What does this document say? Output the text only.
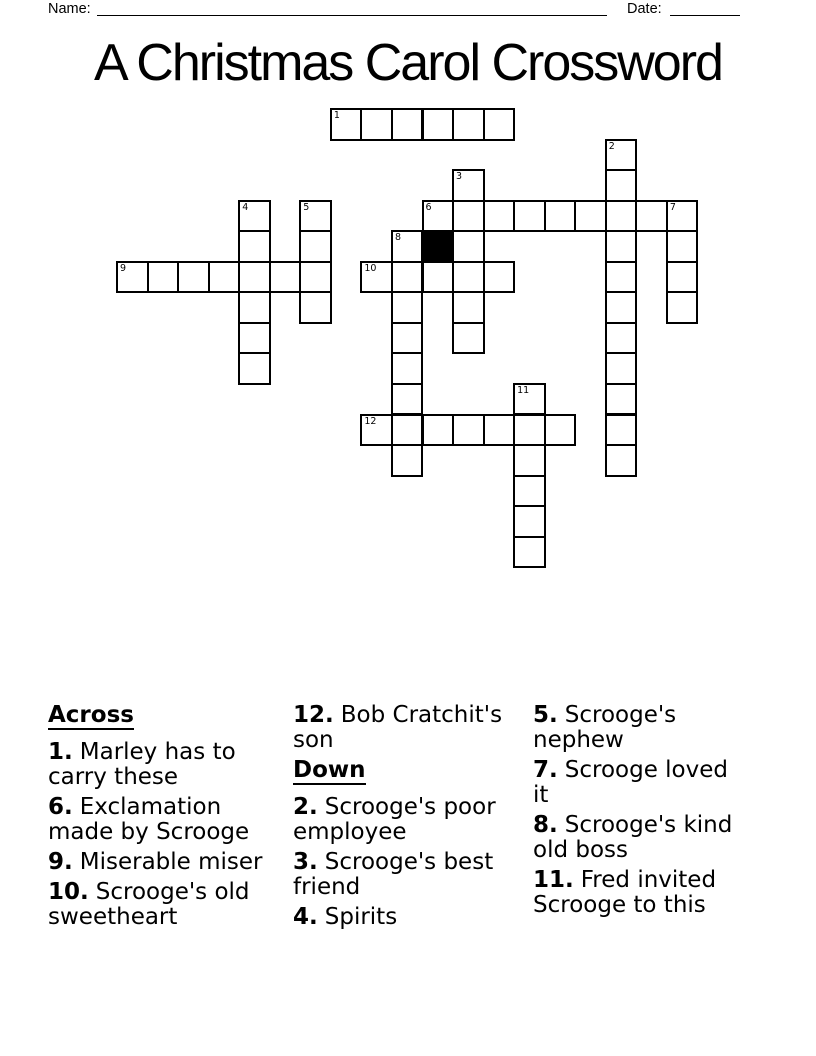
Name:	Date:
A Christmas Carol Crossword
1
2
3
4	5	6	7
8
9	10
11
12
Across
1. Marley has to carry these
6. Exclamation made by Scrooge
9. Miserable miser
10. Scrooge's old sweetheart
12. Bob Cratchit's son
Down
2. Scrooge's poor employee
3. Scrooge's best friend
4. Spirits
5. Scrooge's nephew
7. Scrooge loved it
8. Scrooge's kind old boss
11. Fred invited Scrooge to this
